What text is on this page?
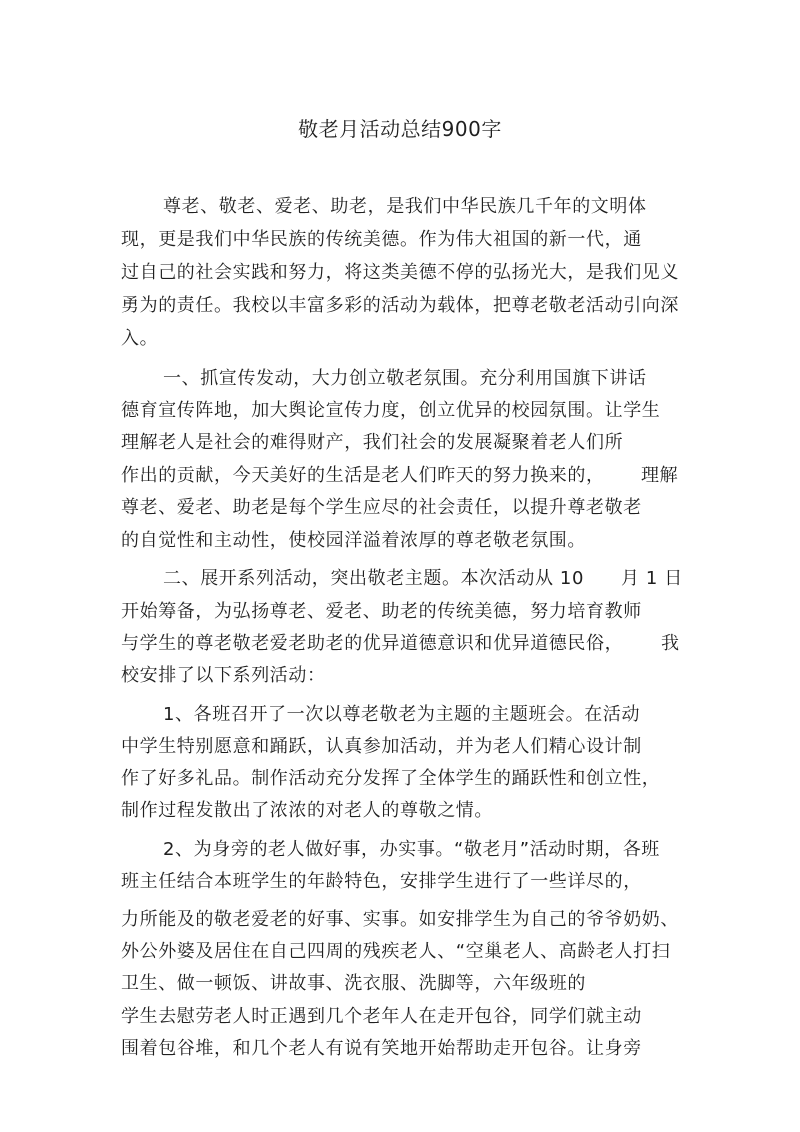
敬老月活动总结900字
尊老、敬老、爱老、助老，是我们中华民族几千年的文明体
现，更是我们中华民族的传统美德。作为伟大祖国的新一代，通
过自己的社会实践和努力，将这类美德不停的弘扬光大，是我们见义
勇为的责任。我校以丰富多彩的活动为载体，把尊老敬老活动引向深
入。
一、抓宣传发动，大力创立敬老氛围。充分利用国旗下讲话
德育宣传阵地，加大舆论宣传力度，创立优异的校园氛围。让学生
理解老人是社会的难得财产，我们社会的发展凝聚着老人们所
作出的贡献，今天美好的生活是老人们昨天的努力换来的， 理解
尊老、爱老、助老是每个学生应尽的社会责任，以提升尊老敬老
的自觉性和主动性，使校园洋溢着浓厚的尊老敬老氛围。
二、展开系列活动，突出敬老主题。本次活动从 10 月 1 日
开始筹备，为弘扬尊老、爱老、助老的传统美德，努力培育教师
与学生的尊老敬老爱老助老的优异道德意识和优异道德民俗， 我
校安排了以下系列活动：
1、各班召开了一次以尊老敬老为主题的主题班会。在活动
中学生特别愿意和踊跃，认真参加活动，并为老人们精心设计制
作了好多礼品。制作活动充分发挥了全体学生的踊跃性和创立性，
制作过程发散出了浓浓的对老人的尊敬之情。
2、为身旁的老人做好事，办实事。“敬老月”活动时期，各班
班主任结合本班学生的年龄特色，安排学生进行了一些详尽的，
力所能及的敬老爱老的好事、实事。如安排学生为自己的爷爷奶奶、
外公外婆及居住在自己四周的残疾老人、“空巢老人、高龄老人打扫
卫生、做一顿饭、讲故事、洗衣服、洗脚等，六年级班的
学生去慰劳老人时正遇到几个老年人在走开包谷，同学们就主动
围着包谷堆，和几个老人有说有笑地开始帮助走开包谷。让身旁
